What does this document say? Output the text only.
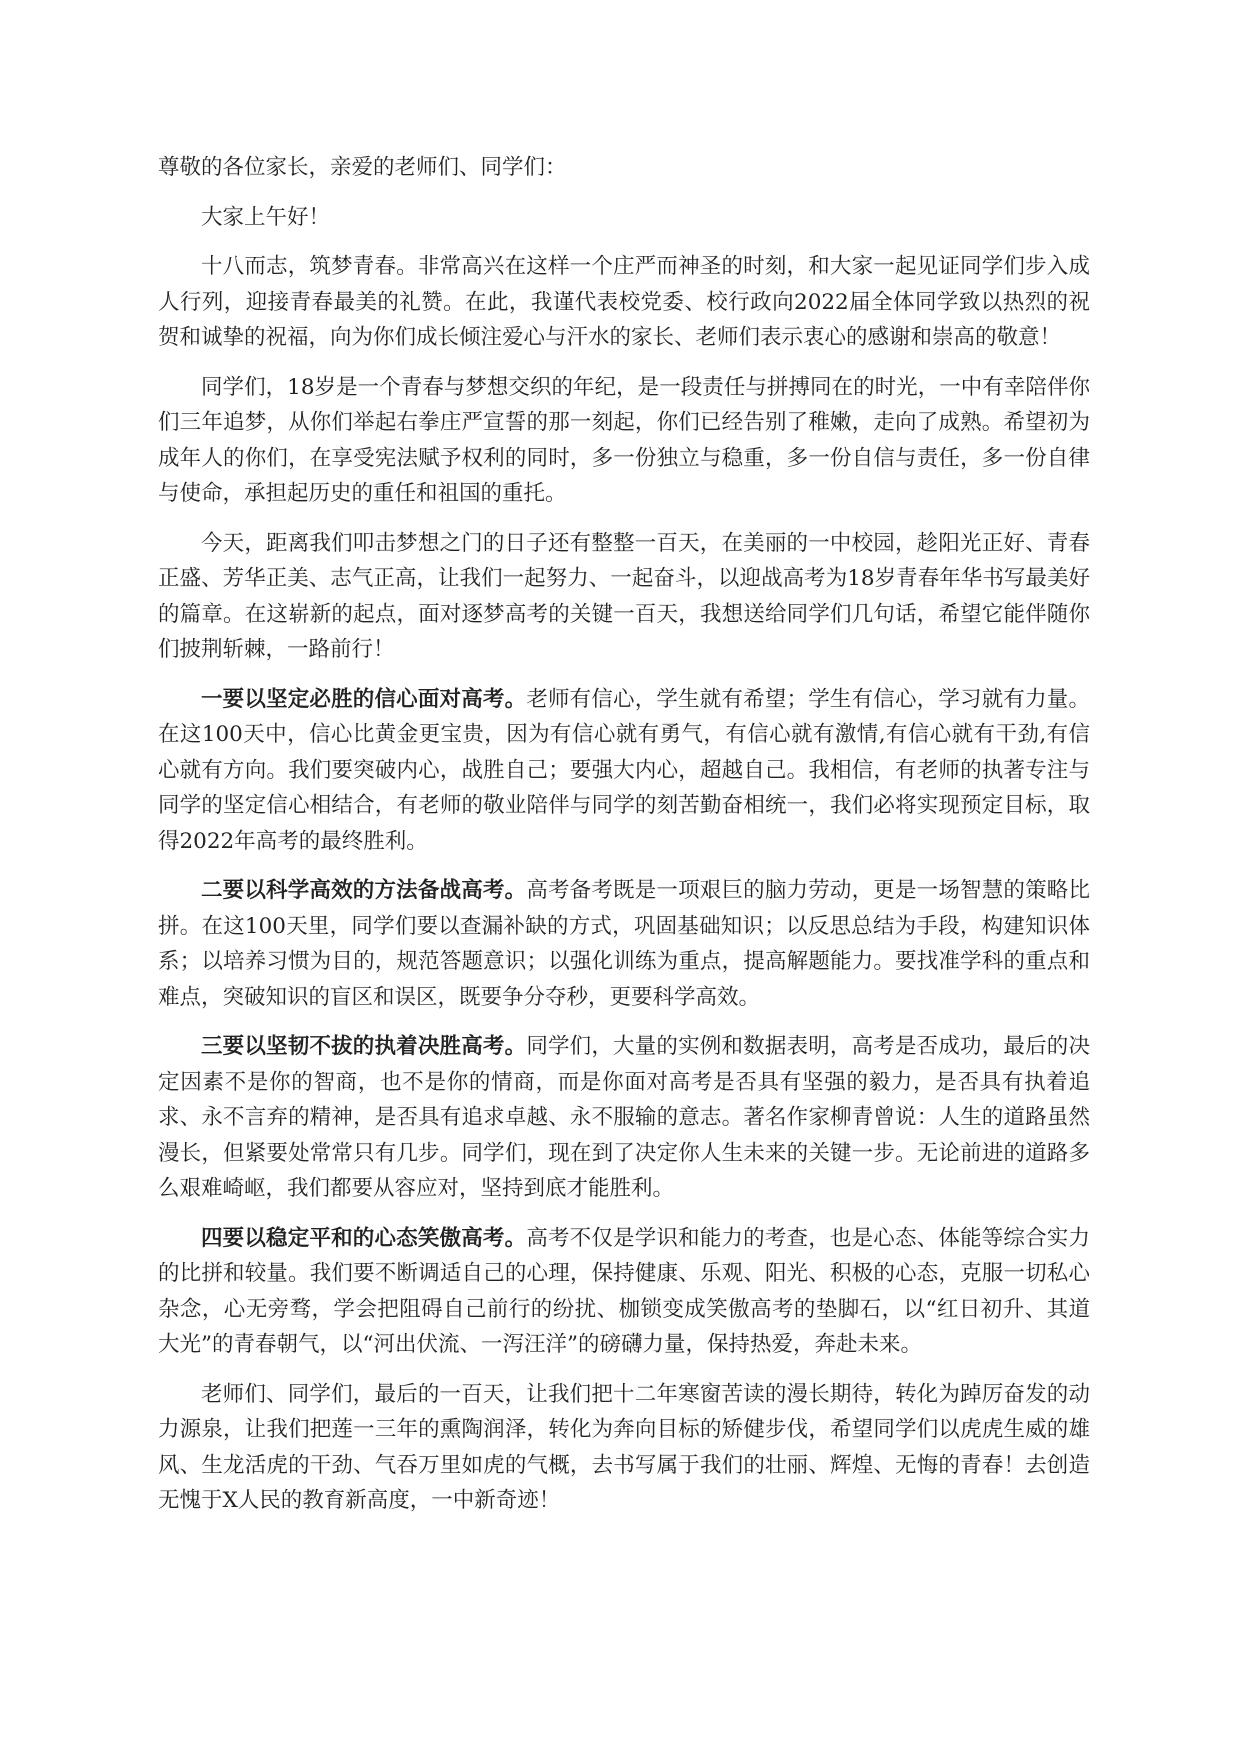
尊敬的各位家长，亲爱的老师们、同学们：

大家上午好！

十八而志，筑梦青春。非常高兴在这样一个庄严而神圣的时刻，和大家一起见证同学们步入成人行列，迎接青春最美的礼赞。在此，我谨代表校党委、校行政向2022届全体同学致以热烈的祝贺和诚挚的祝福，向为你们成长倾注爱心与汗水的家长、老师们表示衷心的感谢和崇高的敬意！

同学们，18岁是一个青春与梦想交织的年纪，是一段责任与拼搏同在的时光，一中有幸陪伴你们三年追梦，从你们举起右拳庄严宣誓的那一刻起，你们已经告别了稚嫩，走向了成熟。希望初为成年人的你们，在享受宪法赋予权利的同时，多一份独立与稳重，多一份自信与责任，多一份自律与使命，承担起历史的重任和祖国的重托。

今天，距离我们叩击梦想之门的日子还有整整一百天，在美丽的一中校园，趁阳光正好、青春正盛、芳华正美、志气正高，让我们一起努力、一起奋斗，以迎战高考为18岁青春年华书写最美好的篇章。在这崭新的起点，面对逐梦高考的关键一百天，我想送给同学们几句话，希望它能伴随你们披荆斩棘，一路前行！

一要以坚定必胜的信心面对高考。老师有信心，学生就有希望；学生有信心，学习就有力量。在这100天中，信心比黄金更宝贵，因为有信心就有勇气，有信心就有激情,有信心就有干劲,有信心就有方向。我们要突破内心，战胜自己；要强大内心，超越自己。我相信，有老师的执著专注与同学的坚定信心相结合，有老师的敬业陪伴与同学的刻苦勤奋相统一，我们必将实现预定目标，取得2022年高考的最终胜利。

二要以科学高效的方法备战高考。高考备考既是一项艰巨的脑力劳动，更是一场智慧的策略比拼。在这100天里，同学们要以查漏补缺的方式，巩固基础知识；以反思总结为手段，构建知识体系；以培养习惯为目的，规范答题意识；以强化训练为重点，提高解题能力。要找准学科的重点和难点，突破知识的盲区和误区，既要争分夺秒，更要科学高效。

三要以坚韧不拔的执着决胜高考。同学们，大量的实例和数据表明，高考是否成功，最后的决定因素不是你的智商，也不是你的情商，而是你面对高考是否具有坚强的毅力，是否具有执着追求、永不言弃的精神，是否具有追求卓越、永不服输的意志。著名作家柳青曾说：人生的道路虽然漫长，但紧要处常常只有几步。同学们，现在到了决定你人生未来的关键一步。无论前进的道路多么艰难崎岖，我们都要从容应对，坚持到底才能胜利。

四要以稳定平和的心态笑傲高考。高考不仅是学识和能力的考查，也是心态、体能等综合实力的比拼和较量。我们要不断调适自己的心理，保持健康、乐观、阳光、积极的心态，克服一切私心杂念，心无旁骛，学会把阻碍自己前行的纷扰、枷锁变成笑傲高考的垫脚石，以“红日初升、其道大光”的青春朝气，以“河出伏流、一泻汪洋”的磅礴力量，保持热爱，奔赴未来。

老师们、同学们，最后的一百天，让我们把十二年寒窗苦读的漫长期待，转化为踔厉奋发的动力源泉，让我们把莲一三年的熏陶润泽，转化为奔向目标的矫健步伐，希望同学们以虎虎生威的雄风、生龙活虎的干劲、气吞万里如虎的气概，去书写属于我们的壮丽、辉煌、无悔的青春！去创造无愧于X人民的教育新高度，一中新奇迹！
